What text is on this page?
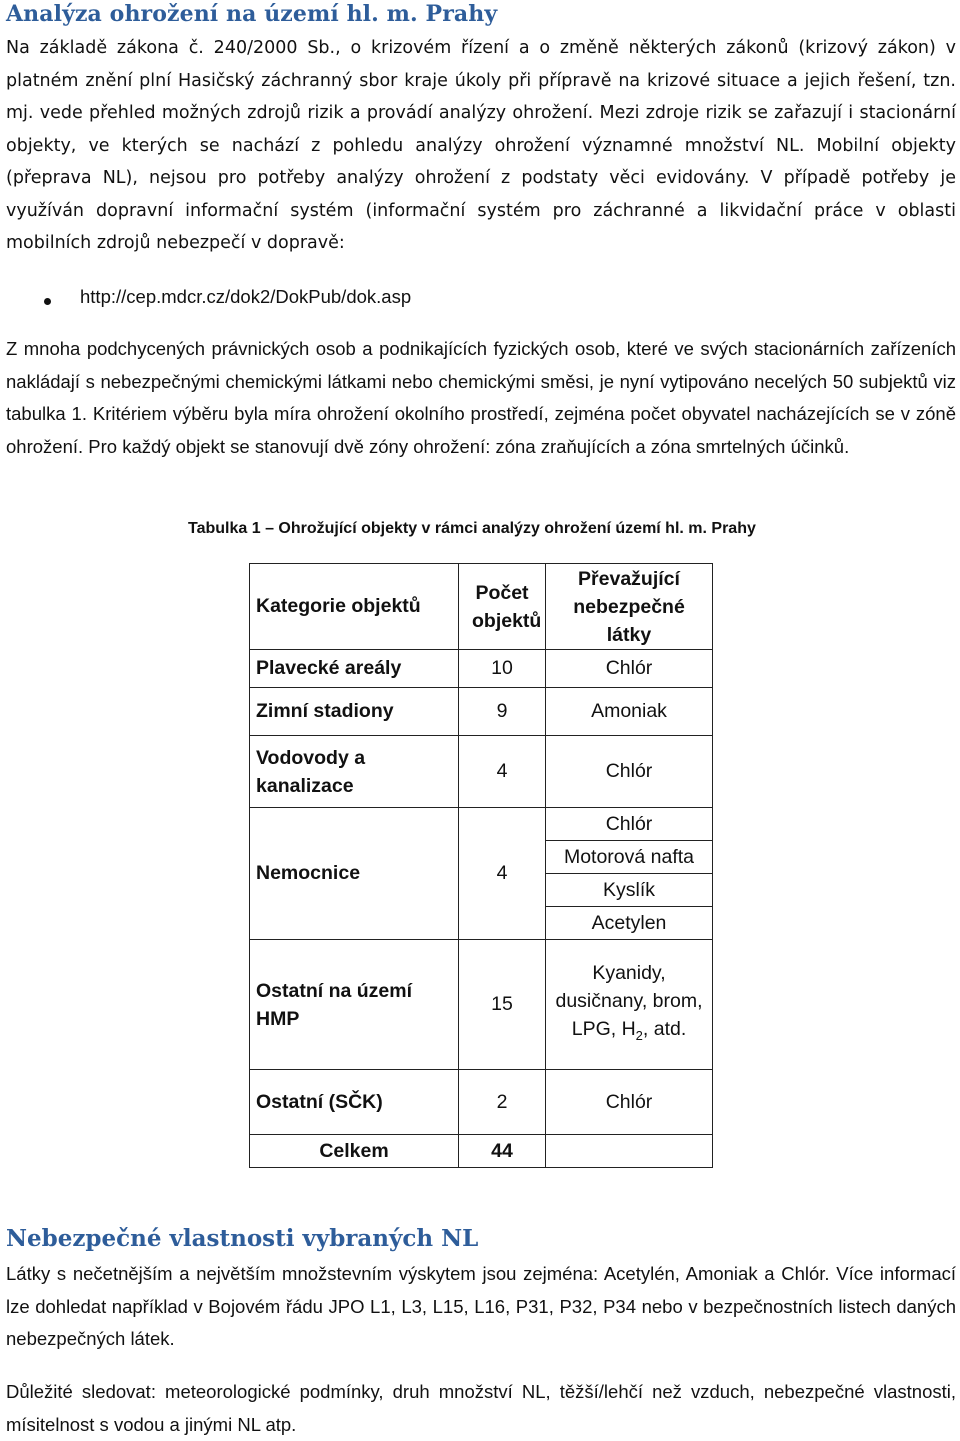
Analýza ohrožení na území hl. m. Prahy

Na základě zákona č. 240/2000 Sb., o krizovém řízení a o změně některých zákonů (krizový zákon) v platném znění plní Hasičský záchranný sbor kraje úkoly při přípravě na krizové situace a jejich řešení, tzn. mj. vede přehled možných zdrojů rizik a provádí analýzy ohrožení. Mezi zdroje rizik se zařazují i stacionární objekty, ve kterých se nachází z pohledu analýzy ohrožení významné množství NL. Mobilní objekty (přeprava NL), nejsou pro potřeby analýzy ohrožení z podstaty věci evidovány. V případě potřeby je využíván dopravní informační systém (informační systém pro záchranné a likvidační práce v oblasti mobilních zdrojů nebezpečí v dopravě:

http://cep.mdcr.cz/dok2/DokPub/dok.asp

Z mnoha podchycených právnických osob a podnikajících fyzických osob, které ve svých stacionárních zařízeních nakládají s nebezpečnými chemickými látkami nebo chemickými směsi, je nyní vytipováno necelých 50 subjektů viz tabulka 1. Kritériem výběru byla míra ohrožení okolního prostředí, zejména počet obyvatel nacházejících se v zóně ohrožení. Pro každý objekt se stanovují dvě zóny ohrožení: zóna zraňujících a zóna smrtelných účinků.

Tabulka 1 – Ohrožující objekty v rámci analýzy ohrožení území hl. m. Prahy
Kategorie objektů	Počet objektů	Převažující nebezpečné látky

Plavecké areály	10	Chlór
Zimní stadiony	9	Amoniak

Vodovody a kanalizace	4	Chlór
Nemocnice	4	Chlór
		Motorová nafta
		Kyslík
		Acetylen

Ostatní na území HMP	15	Kyanidy, dusičnany, brom, LPG, $H_2$, atd.

Ostatní (SČK)	2	Chlór
Celkem	44	
Nebezpečné vlastnosti vybraných NL

Látky s nečetnějším a největším množstevním výskytem jsou zejména: Acetylén, Amoniak a Chlór. Více informací lze dohledat například v Bojovém řádu JPO L1, L3, L15, L16, P31, P32, P34 nebo v bezpečnostních listech daných nebezpečných látek.

Důležité sledovat: meteorologické podmínky, druh množství NL, těžší/lehčí než vzduch, nebezpečné vlastnosti, mísitelnost s vodou a jinými NL atp.
